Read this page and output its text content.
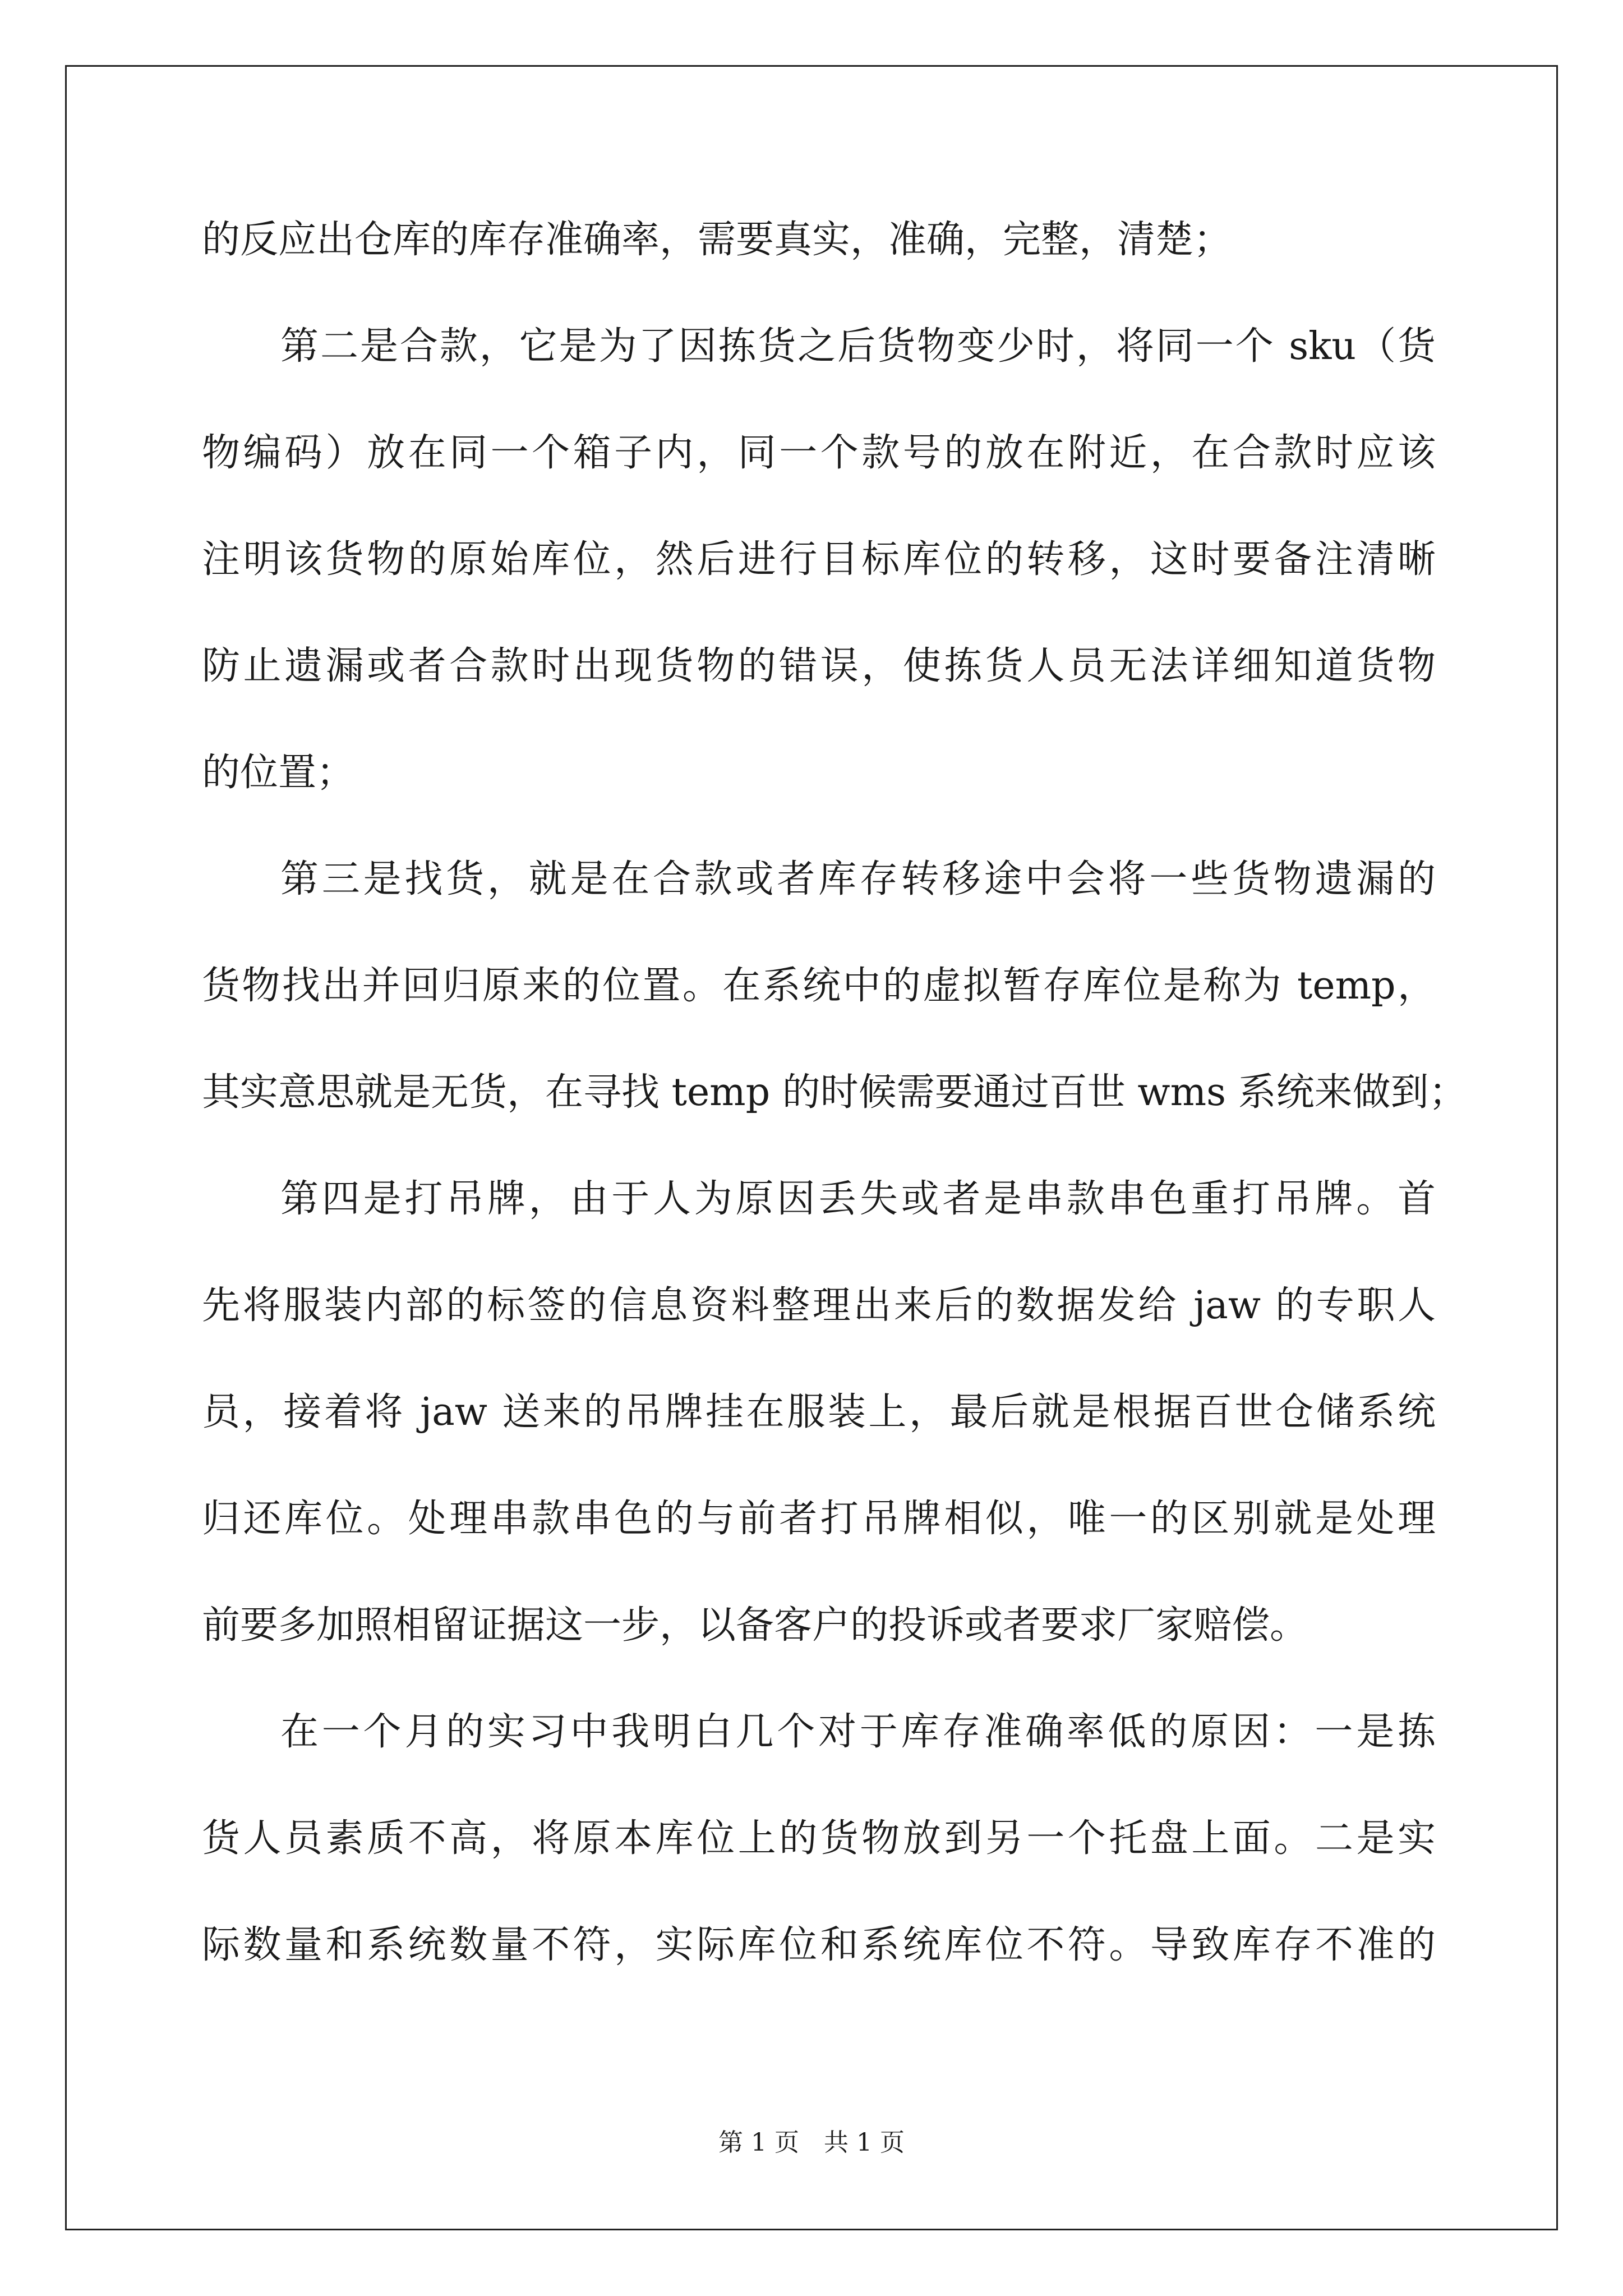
的反应出仓库的库存准确率，需要真实，准确，完整，清楚；
第二是合款，它是为了因拣货之后货物变少时，将同一个 sku（货
物编码）放在同一个箱子内，同一个款号的放在附近，在合款时应该
注明该货物的原始库位，然后进行目标库位的转移，这时要备注清晰
防止遗漏或者合款时出现货物的错误，使拣货人员无法详细知道货物
的位置；
第三是找货，就是在合款或者库存转移途中会将一些货物遗漏的
货物找出并回归原来的位置。在系统中的虚拟暂存库位是称为 temp，
其实意思就是无货，在寻找 temp 的时候需要通过百世 wms 系统来做到；
第四是打吊牌，由于人为原因丢失或者是串款串色重打吊牌。首
先将服装内部的标签的信息资料整理出来后的数据发给 jaw 的专职人
员，接着将 jaw 送来的吊牌挂在服装上，最后就是根据百世仓储系统
归还库位。处理串款串色的与前者打吊牌相似，唯一的区别就是处理
前要多加照相留证据这一步，以备客户的投诉或者要求厂家赔偿。
在一个月的实习中我明白几个对于库存准确率低的原因：一是拣
货人员素质不高，将原本库位上的货物放到另一个托盘上面。二是实
际数量和系统数量不符，实际库位和系统库位不符。导致库存不准的
第 1 页　共 1 页
